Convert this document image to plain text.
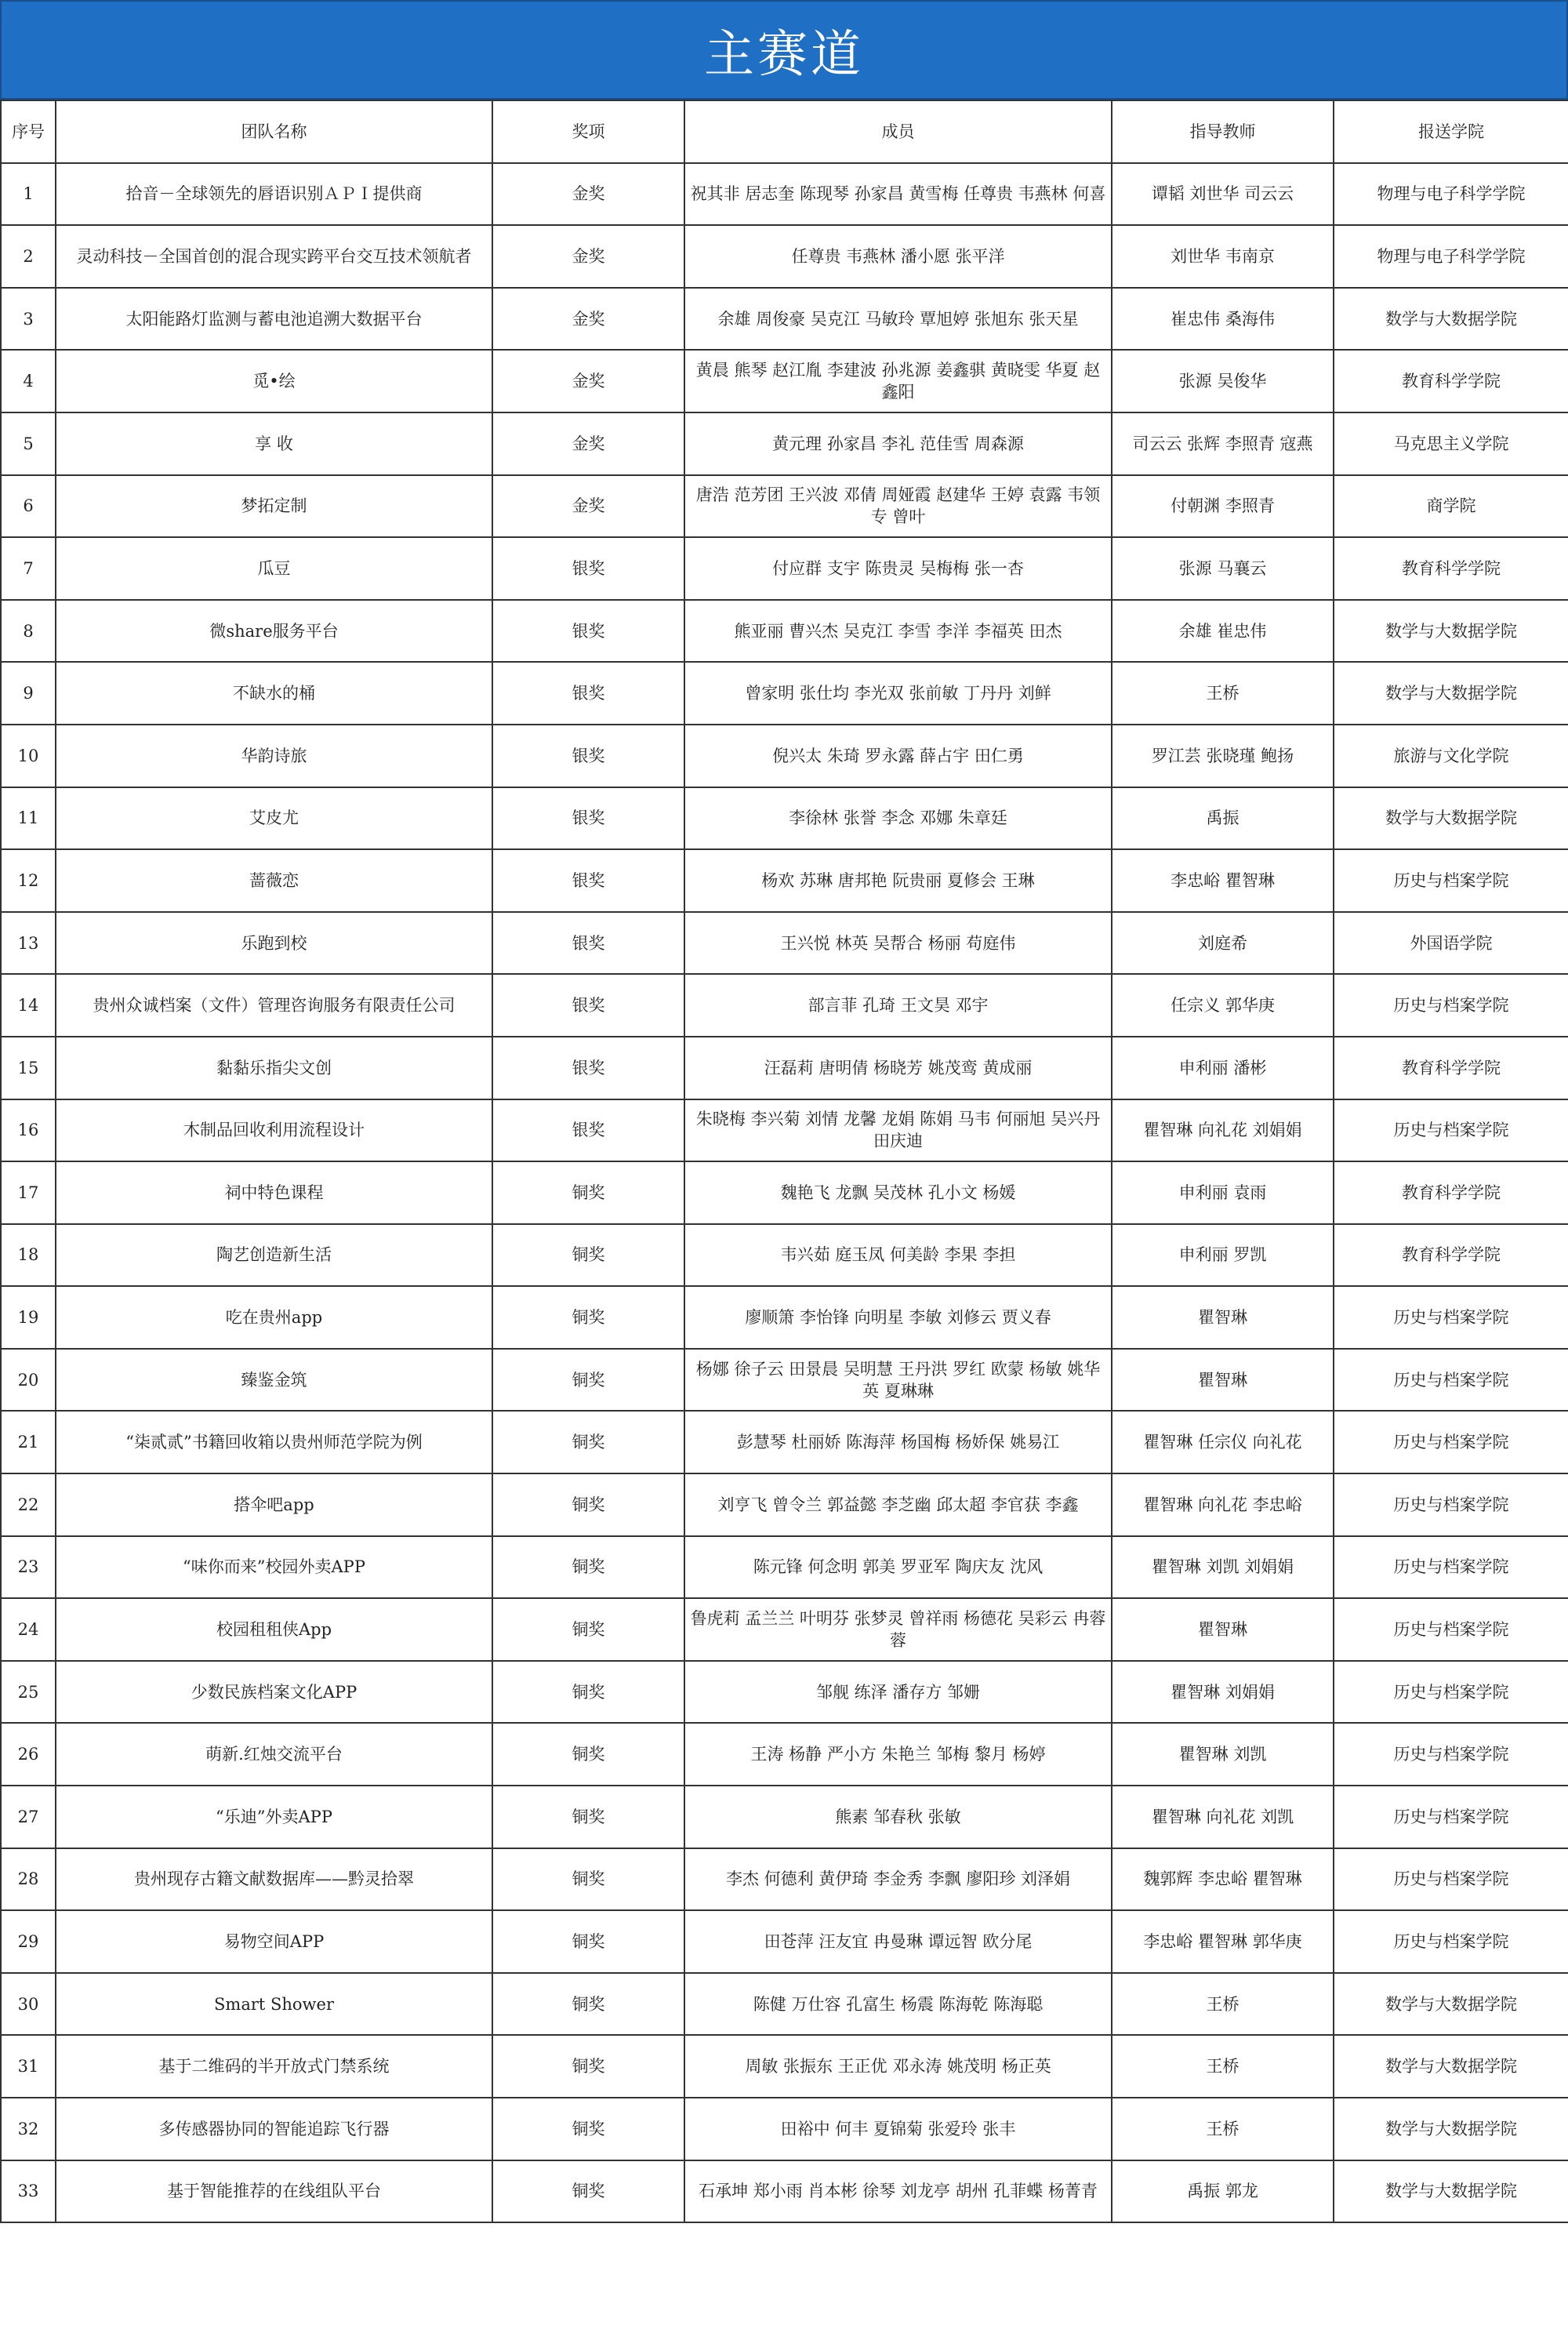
主赛道
序号	团队名称	奖项	成员	指导教师	报送学院
1	拾音－全球领先的唇语识别ＡＰＩ提供商	金奖	祝其非 居志奎 陈现琴 孙家昌 黄雪梅 任尊贵 韦燕林 何喜	谭韬 刘世华 司云云	物理与电子科学学院
2	灵动科技－全国首创的混合现实跨平台交互技术领航者	金奖	任尊贵 韦燕林 潘小愿 张平洋	刘世华 韦南京	物理与电子科学学院
3	太阳能路灯监测与蓄电池追溯大数据平台	金奖	余雄 周俊豪 吴克江 马敏玲 覃旭婷 张旭东 张天星	崔忠伟 桑海伟	数学与大数据学院
4	觅•绘	金奖	黄晨 熊琴 赵江胤 李建波 孙兆源 姜鑫骐 黄晓雯 华夏 赵鑫阳	张源 吴俊华	教育科学学院
5	享 收	金奖	黄元理 孙家昌 李礼 范佳雪 周森源	司云云 张辉 李照青 寇燕	马克思主义学院
6	梦拓定制	金奖	唐浩 范芳团 王兴波 邓倩 周娅霞 赵建华 王婷 袁露 韦领专 曾叶	付朝渊 李照青	商学院
7	瓜豆	银奖	付应群 支宇 陈贵灵 吴梅梅 张一杏	张源 马襄云	教育科学学院
8	微share服务平台	银奖	熊亚丽 曹兴杰 吴克江 李雪 李洋 李福英 田杰	余雄 崔忠伟	数学与大数据学院
9	不缺水的桶	银奖	曾家明 张仕均 李光双 张前敏 丁丹丹 刘鲜	王桥	数学与大数据学院
10	华韵诗旅	银奖	倪兴太 朱琦 罗永露 薛占宇 田仁勇	罗江芸 张晓瑾 鲍扬	旅游与文化学院
11	艾皮尤	银奖	李徐林 张誉 李念 邓娜 朱章廷	禹振	数学与大数据学院
12	蔷薇恋	银奖	杨欢 苏琳 唐邦艳 阮贵丽 夏修会 王琳	李忠峪 瞿智琳	历史与档案学院
13	乐跑到校	银奖	王兴悦 林英 吴帮合 杨丽 苟庭伟	刘庭希	外国语学院
14	贵州众诚档案（文件）管理咨询服务有限责任公司	银奖	部言菲 孔琦 王文昊 邓宇	任宗义 郭华庚	历史与档案学院
15	黏黏乐指尖文创	银奖	汪磊莉 唐明倩 杨晓芳 姚茂鸾 黄成丽	申利丽 潘彬	教育科学学院
16	木制品回收利用流程设计	银奖	朱晓梅 李兴菊 刘情 龙馨 龙娟 陈娟 马韦 何丽旭 吴兴丹 田庆迪	瞿智琳 向礼花 刘娟娟	历史与档案学院
17	祠中特色课程	铜奖	魏艳飞 龙飘 吴茂林 孔小文 杨媛	申利丽 袁雨	教育科学学院
18	陶艺创造新生活	铜奖	韦兴茹 庭玉凤 何美龄 李果 李担	申利丽 罗凯	教育科学学院
19	吃在贵州app	铜奖	廖顺箫 李怡锋 向明星 李敏 刘修云 贾义春	瞿智琳	历史与档案学院
20	臻鉴金筑	铜奖	杨娜 徐子云 田景晨 吴明慧 王丹洪 罗红 欧蒙 杨敏 姚华英 夏琳琳	瞿智琳	历史与档案学院
21	“柒贰贰”书籍回收箱以贵州师范学院为例	铜奖	彭慧琴 杜丽娇 陈海萍 杨国梅 杨娇保 姚易江	瞿智琳 任宗仪 向礼花	历史与档案学院
22	搭伞吧app	铜奖	刘亨飞 曾令兰 郭益懿 李芝幽 邱太超 李官获 李鑫	瞿智琳 向礼花 李忠峪	历史与档案学院
23	“味你而来”校园外卖APP	铜奖	陈元锋 何念明 郭美 罗亚军 陶庆友 沈风	瞿智琳 刘凯 刘娟娟	历史与档案学院
24	校园租租侠App	铜奖	鲁虎莉 孟兰兰 叶明芬 张梦灵 曾祥雨 杨德花 吴彩云 冉蓉蓉	瞿智琳	历史与档案学院
25	少数民族档案文化APP	铜奖	邹舰 练泽 潘存方 邹姗	瞿智琳 刘娟娟	历史与档案学院
26	萌新.红烛交流平台	铜奖	王涛 杨静 严小方 朱艳兰 邹梅 黎月 杨婷	瞿智琳 刘凯	历史与档案学院
27	“乐迪”外卖APP	铜奖	熊素 邹春秋 张敏	瞿智琳 向礼花 刘凯	历史与档案学院
28	贵州现存古籍文献数据库——黔灵拾翠	铜奖	李杰 何德利 黄伊琦 李金秀 李飘 廖阳珍 刘泽娟	魏郭辉 李忠峪 瞿智琳	历史与档案学院
29	易物空间APP	铜奖	田苍萍 汪友宜 冉曼琳 谭远智 欧分尾	李忠峪 瞿智琳 郭华庚	历史与档案学院
30	Smart Shower	铜奖	陈健 万仕容 孔富生 杨震 陈海乾 陈海聪	王桥	数学与大数据学院
31	基于二维码的半开放式门禁系统	铜奖	周敏 张振东 王正优 邓永涛 姚茂明 杨正英	王桥	数学与大数据学院
32	多传感器协同的智能追踪飞行器	铜奖	田裕中 何丰 夏锦菊 张爱玲 张丰	王桥	数学与大数据学院
33	基于智能推荐的在线组队平台	铜奖	石承坤 郑小雨 肖本彬 徐琴 刘龙亭 胡州 孔菲蝶 杨菁青	禹振 郭龙	数学与大数据学院
